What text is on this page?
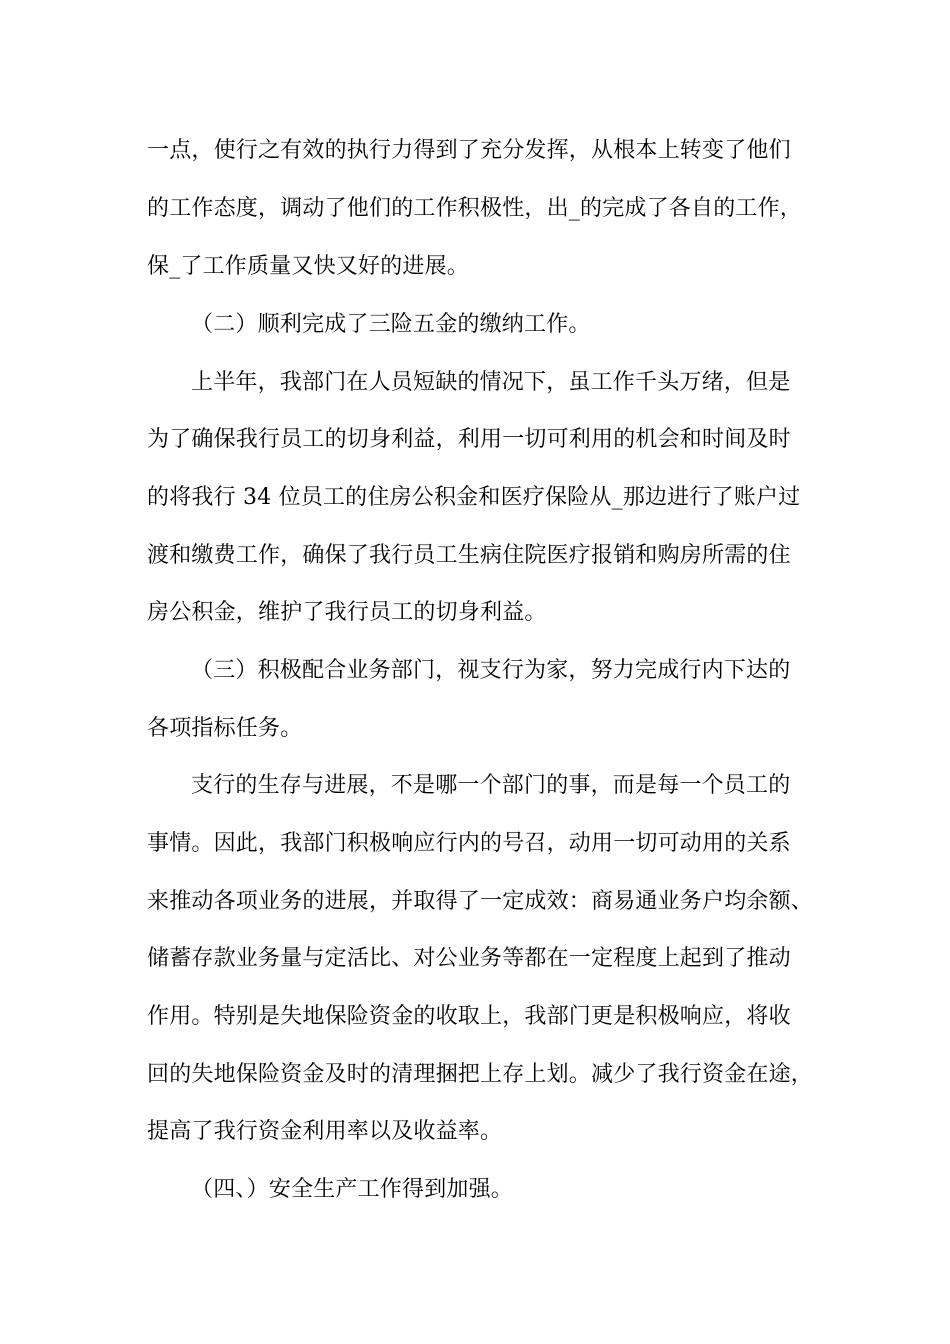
一点，使行之有效的执行力得到了充分发挥，从根本上转变了他们
的工作态度，调动了他们的工作积极性，出_的完成了各自的工作，
保_了工作质量又快又好的进展。
（二）顺利完成了三险五金的缴纳工作。
上半年，我部门在人员短缺的情况下，虽工作千头万绪，但是
为了确保我行员工的切身利益，利用一切可利用的机会和时间及时
的将我行 34 位员工的住房公积金和医疗保险从_那边进行了账户过
渡和缴费工作，确保了我行员工生病住院医疗报销和购房所需的住
房公积金，维护了我行员工的切身利益。
（三）积极配合业务部门，视支行为家，努力完成行内下达的
各项指标任务。
支行的生存与进展，不是哪一个部门的事，而是每一个员工的
事情。因此，我部门积极响应行内的号召，动用一切可动用的关系
来推动各项业务的进展，并取得了一定成效：商易通业务户均余额、
储蓄存款业务量与定活比、对公业务等都在一定程度上起到了推动
作用。特别是失地保险资金的收取上，我部门更是积极响应，将收
回的失地保险资金及时的清理捆把上存上划。减少了我行资金在途，
提高了我行资金利用率以及收益率。
（四、）安全生产工作得到加强。
